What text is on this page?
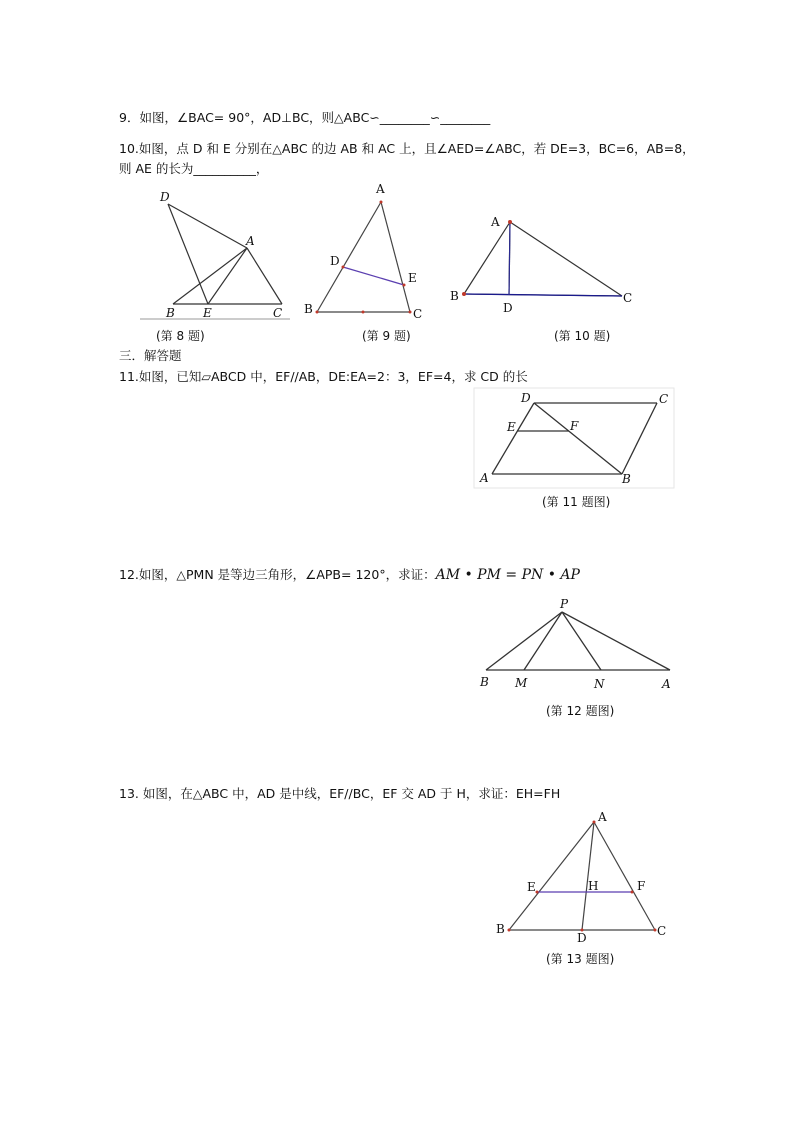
9．如图，∠BAC= 90°，AD⊥BC，则△ABC∽________∽________
10.如图，点 D 和 E 分别在△ABC 的边 AB 和 AC 上，且∠AED=∠ABC，若 DE=3，BC=6，AB=8，
则 AE 的长为__________，
三．解答题
11.如图，已知▱ABCD 中，EF//AB，DE:EA=2：3，EF=4，求 CD 的长
12.如图，△PMN 是等边三角形，∠APB= 120°，求证：AM • PM = PN • AP
13. 如图，在△ABC 中，AD 是中线，EF//BC，EF 交 AD 于 H，求证：EH=FH
D
A
B E	C
(第 8 题)
A
D
E
B	C
(第 9 题)
A
B
D
C
(第 10 题)
D	C
E	F
A	B
(第 11 题图)
P
B M	N	A
(第 12 题图)
A
E	H	F
B
D	C
(第 13 题图)
